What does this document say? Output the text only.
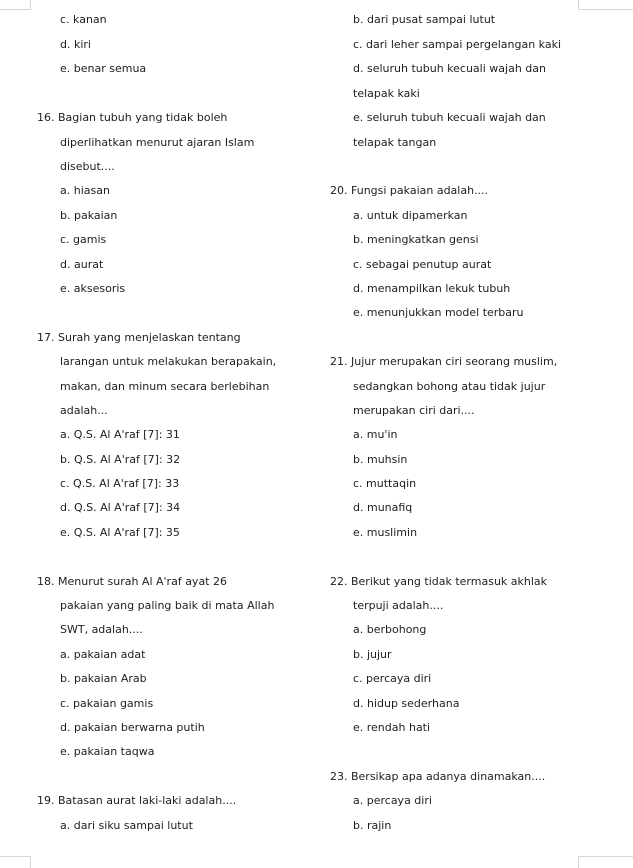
c. kanan
d. kiri
e. benar semua
16. Bagian tubuh yang tidak boleh
diperlihatkan menurut ajaran Islam
disebut....
a. hiasan
b. pakaian
c. gamis
d. aurat
e. aksesoris
17. Surah yang menjelaskan tentang
larangan untuk melakukan berapakain,
makan, dan minum secara berlebihan
adalah...
a. Q.S. Al A'raf [7]: 31
b. Q.S. Al A'raf [7]: 32
c. Q.S. Al A'raf [7]: 33
d. Q.S. Al A'raf [7]: 34
e. Q.S. Al A'raf [7]: 35
18. Menurut surah Al A'raf ayat 26
pakaian yang paling baik di mata Allah
SWT, adalah....
a. pakaian adat
b. pakaian Arab
c. pakaian gamis
d. pakaian berwarna putih
e. pakaian taqwa
19. Batasan aurat laki-laki adalah....
a. dari siku sampai lutut
b. dari pusat sampai lutut
c. dari leher sampai pergelangan kaki
d. seluruh tubuh kecuali wajah dan
telapak kaki
e. seluruh tubuh kecuali wajah dan
telapak tangan
20. Fungsi pakaian adalah....
a. untuk dipamerkan
b. meningkatkan gensi
c. sebagai penutup aurat
d. menampilkan lekuk tubuh
e. menunjukkan model terbaru
21. Jujur merupakan ciri seorang muslim,
sedangkan bohong atau tidak jujur
merupakan ciri dari....
a. mu'in
b. muhsin
c. muttaqin
d. munafiq
e. muslimin
22. Berikut yang tidak termasuk akhlak
terpuji adalah....
a. berbohong
b. jujur
c. percaya diri
d. hidup sederhana
e. rendah hati
23. Bersikap apa adanya dinamakan....
a. percaya diri
b. rajin
